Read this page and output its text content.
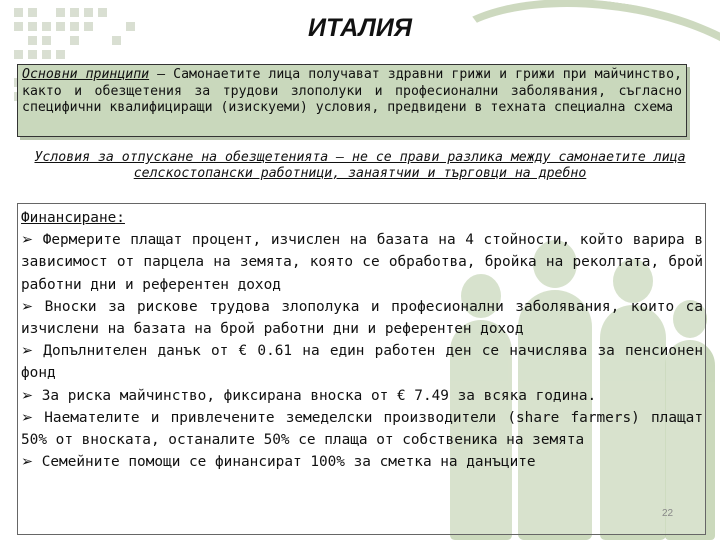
ИТАЛИЯ
Основни принципи – Самонаетите лица получават здравни грижи и грижи при майчинство, както и обезщетения за трудови злополуки и професионални заболявания, съгласно специфични квалифициращи (изискуеми) условия, предвидени в техната специална схема
Условия за отпускане на обезщетенията – не се прави разлика между самонаетите лица селскостопански работници, занаятчии и търговци на дребно
Финансиране:
➢ Фермерите плащат процент, изчислен на базата на 4 стойности, който варира в зависимост от парцела на земята, която се обработва, бройка на реколтата, брой работни дни и референтен доход
➢ Вноски за рискове трудова злополука и професионални заболявания, които са изчислени на базата на брой работни дни и референтен доход
➢ Допълнителен данък от € 0.61 на един работен ден се начислява за пенсионен фонд
➢ За риска майчинство, фиксирана вноска от € 7.49 за всяка година.
➢ Наемателите и привлечените земеделски производители (share farmers) плащат 50% от вноската, останалите 50% се плаща от собственика на земята
➢ Семейните помощи се финансират 100% за сметка на данъците
22
